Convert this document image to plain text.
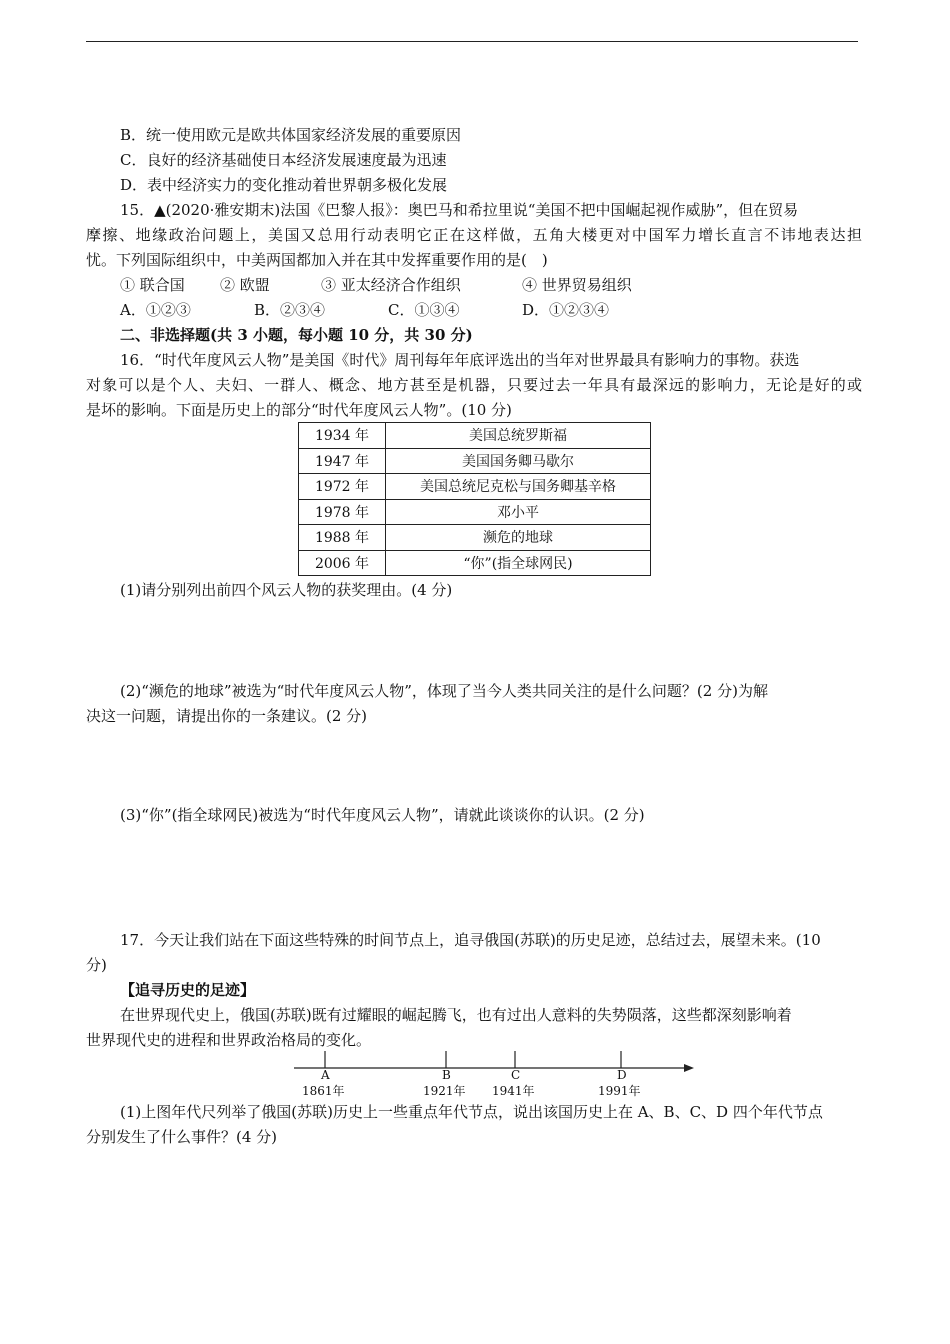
B．统一使用欧元是欧共体国家经济发展的重要原因
C．良好的经济基础使日本经济发展速度最为迅速
D．表中经济实力的变化推动着世界朝多极化发展
15．▲(2020·雅安期末)法国《巴黎人报》：奥巴马和希拉里说“美国不把中国崛起视作威胁”，但在贸易
摩擦、地缘政治问题上，美国又总用行动表明它正在这样做，五角大楼更对中国军力增长直言不讳地表达担
忧。下列国际组织中，中美两国都加入并在其中发挥重要作用的是(　)
① 联合国 ② 欧盟	③ 亚太经济合作组织	④ 世界贸易组织
A．①②③	B．②③④	C．①③④	D．①②③④
二、非选择题(共 3 小题，每小题 10 分，共 30 分)
16．“时代年度风云人物”是美国《时代》周刊每年年底评选出的当年对世界最具有影响力的事物。获选
对象可以是个人、夫妇、一群人、概念、地方甚至是机器，只要过去一年具有最深远的影响力，无论是好的或
是坏的影响。下面是历史上的部分“时代年度风云人物”。(10 分)
1934 年	美国总统罗斯福
1947 年	美国国务卿马歇尔
1972 年	美国总统尼克松与国务卿基辛格
1978 年	邓小平
1988 年	濒危的地球
2006 年	“你”(指全球网民)
(1)请分别列出前四个风云人物的获奖理由。(4 分)
(2)“濒危的地球”被选为“时代年度风云人物”，体现了当今人类共同关注的是什么问题？(2 分)为解
决这一问题，请提出你的一条建议。(2 分)
(3)“你”(指全球网民)被选为“时代年度风云人物”，请就此谈谈你的认识。(2 分)
17．今天让我们站在下面这些特殊的时间节点上，追寻俄国(苏联)的历史足迹，总结过去，展望未来。(10
分)
【追寻历史的足迹】
在世界现代史上，俄国(苏联)既有过耀眼的崛起腾飞，也有过出人意料的失势陨落，这些都深刻影响着
世界现代史的进程和世界政治格局的变化。
A	B	C	D
1861年	1921年 1941年	1991年
(1)上图年代尺列举了俄国(苏联)历史上一些重点年代节点，说出该国历史上在 A、B、C、D 四个年代节点
分别发生了什么事件？(4 分)
